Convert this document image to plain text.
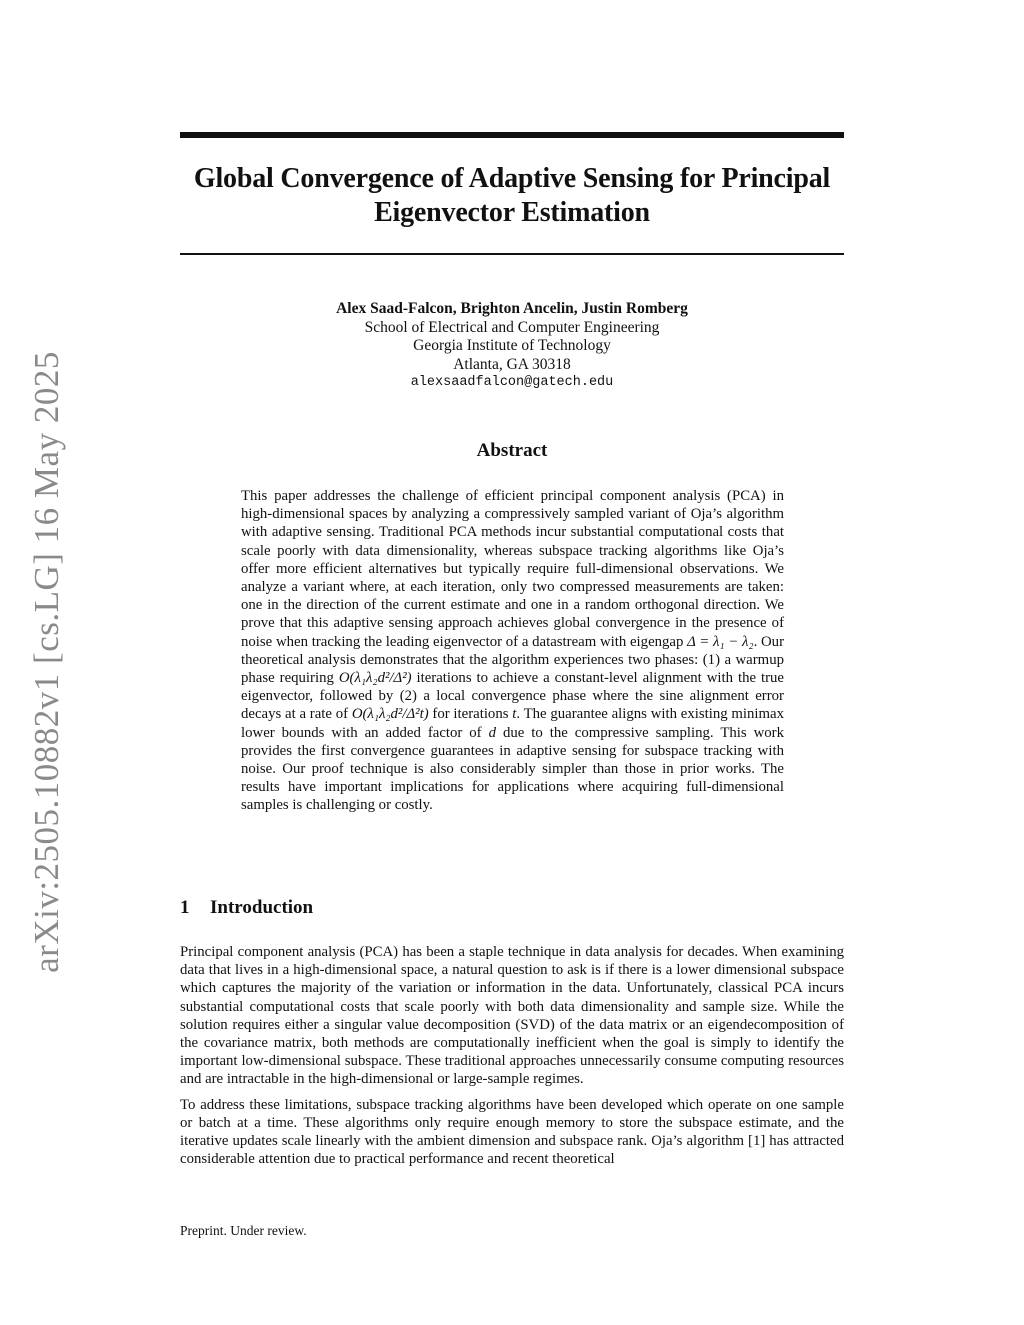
arXiv:2505.10882v1 [cs.LG] 16 May 2025
Global Convergence of Adaptive Sensing for Principal
Eigenvector Estimation
Alex Saad-Falcon, Brighton Ancelin, Justin Romberg
School of Electrical and Computer Engineering
Georgia Institute of Technology
Atlanta, GA 30318
alexsaadfalcon@gatech.edu
Abstract
This paper addresses the challenge of efficient principal component analysis (PCA) in high-dimensional spaces by analyzing a compressively sampled variant of Oja’s algorithm with adaptive sensing. Traditional PCA methods incur substantial computational costs that scale poorly with data dimensionality, whereas subspace tracking algorithms like Oja’s offer more efficient alternatives but typically require full-dimensional observations. We analyze a variant where, at each iteration, only two compressed measurements are taken: one in the direction of the current estimate and one in a random orthogonal direction. We prove that this adaptive sensing approach achieves global convergence in the presence of noise when tracking the leading eigenvector of a datastream with eigengap Δ = λ₁ − λ₂. Our theoretical analysis demonstrates that the algorithm experiences two phases: (1) a warmup phase requiring O(λ₁λ₂d²/Δ²) iterations to achieve a constant-level alignment with the true eigenvector, followed by (2) a local convergence phase where the sine alignment error decays at a rate of O(λ₁λ₂d²/Δ²t) for iterations t. The guarantee aligns with existing minimax lower bounds with an added factor of d due to the compressive sampling. This work provides the first convergence guarantees in adaptive sensing for subspace tracking with noise. Our proof technique is also considerably simpler than those in prior works. The results have important implications for applications where acquiring full-dimensional samples is challenging or costly.
1 Introduction

Principal component analysis (PCA) has been a staple technique in data analysis for decades. When examining data that lives in a high-dimensional space, a natural question to ask is if there is a lower dimensional subspace which captures the majority of the variation or information in the data. Unfortunately, classical PCA incurs substantial computational costs that scale poorly with both data dimensionality and sample size. While the solution requires either a singular value decomposition (SVD) of the data matrix or an eigendecomposition of the covariance matrix, both methods are computationally inefficient when the goal is simply to identify the important low-dimensional subspace. These traditional approaches unnecessarily consume computing resources and are intractable in the high-dimensional or large-sample regimes.

To address these limitations, subspace tracking algorithms have been developed which operate on one sample or batch at a time. These algorithms only require enough memory to store the subspace estimate, and the iterative updates scale linearly with the ambient dimension and subspace rank. Oja’s algorithm [1] has attracted considerable attention due to practical performance and recent theoretical

Preprint. Under review.
